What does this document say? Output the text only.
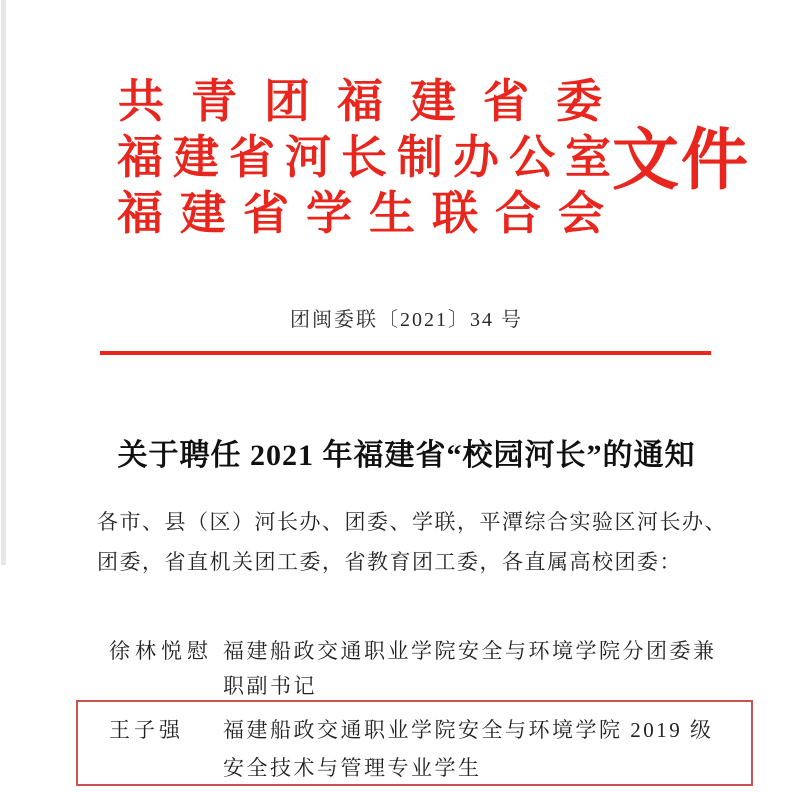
共青团福建省委
福建省河长制办公室
文件
福建省学生联合会
团闽委联〔2021〕34 号
关于聘任 2021 年福建省“校园河长”的通知
各市、县（区）河长办、团委、学联，平潭综合实验区河长办、
团委，省直机关团工委，省教育团工委，各直属高校团委：
徐林悦慰 福建船政交通职业学院安全与环境学院分团委兼
职副书记
王子强	福建船政交通职业学院安全与环境学院 2019 级
安全技术与管理专业学生
